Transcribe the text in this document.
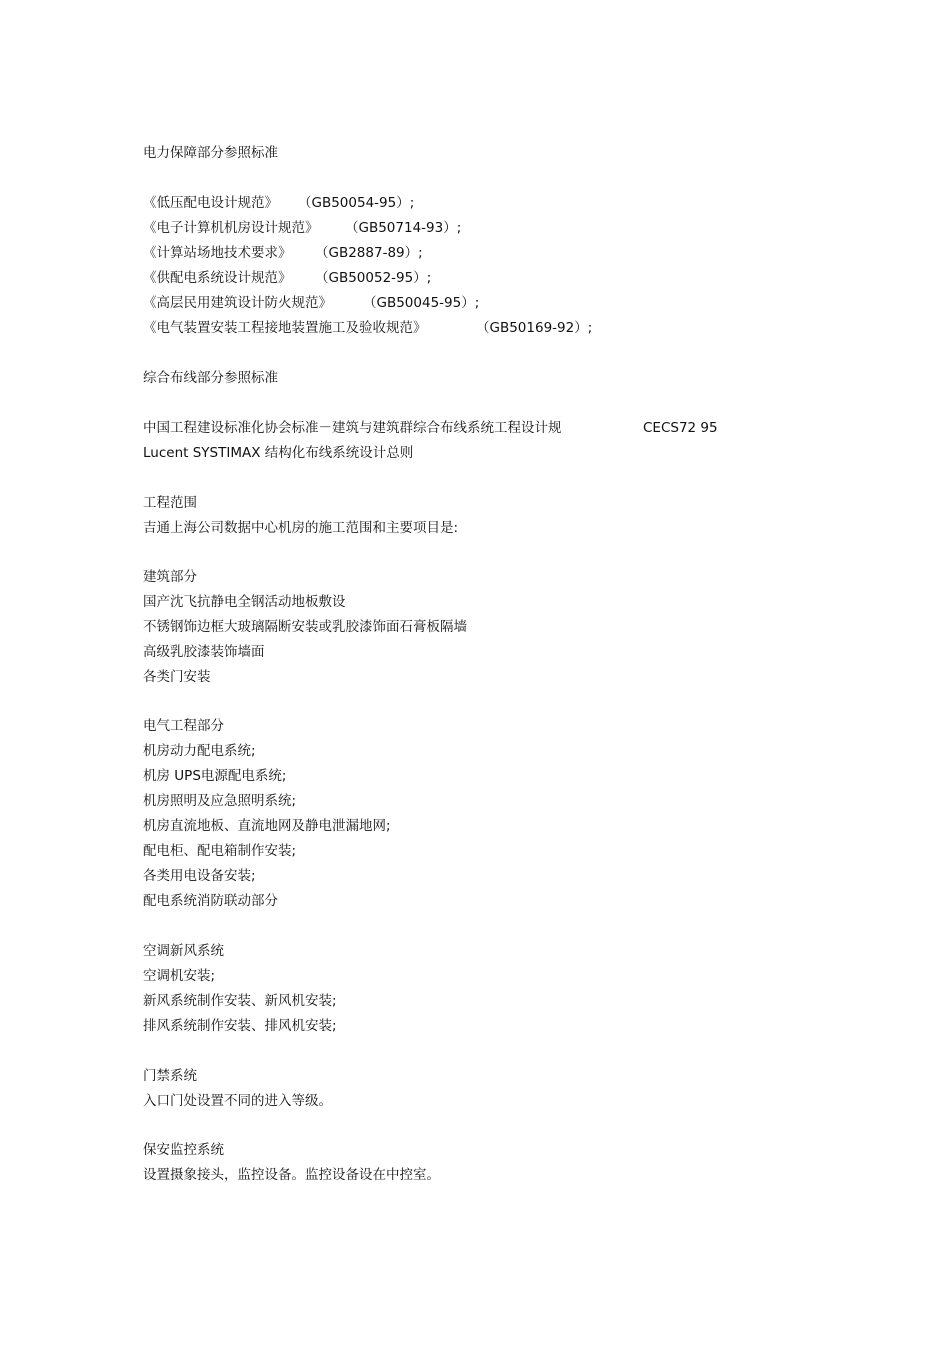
电力保障部分参照标准

《低压配电设计规范》 （GB50054-95）;

《电子计算机机房设计规范》 （GB50714-93）;

《计算站场地技术要求》 （GB2887-89）;

《供配电系统设计规范》 （GB50052-95）;

《高层民用建筑设计防火规范》 （GB50045-95）;

《电气装置安装工程接地装置施工及验收规范》	（GB50169-92）;

综合布线部分参照标准

中国工程建设标准化协会标准－建筑与建筑群综合布线系统工程设计规	CECS72 95

Lucent SYSTIMAX 结构化布线系统设计总则

工程范围

吉通上海公司数据中心机房的施工范围和主要项目是:

建筑部分

国产沈飞抗静电全钢活动地板敷设

不锈钢饰边框大玻璃隔断安装或乳胶漆饰面石膏板隔墙

高级乳胶漆装饰墙面

各类门安装

电气工程部分

机房动力配电系统;

机房 UPS电源配电系统;

机房照明及应急照明系统;

机房直流地板、直流地网及静电泄漏地网;

配电柜、配电箱制作安装;

各类用电设备安装;

配电系统消防联动部分

空调新风系统

空调机安装;

新风系统制作安装、新风机安装;

排风系统制作安装、排风机安装;

门禁系统

入口门处设置不同的进入等级。

保安监控系统

设置摄象接头，监控设备。监控设备设在中控室。
